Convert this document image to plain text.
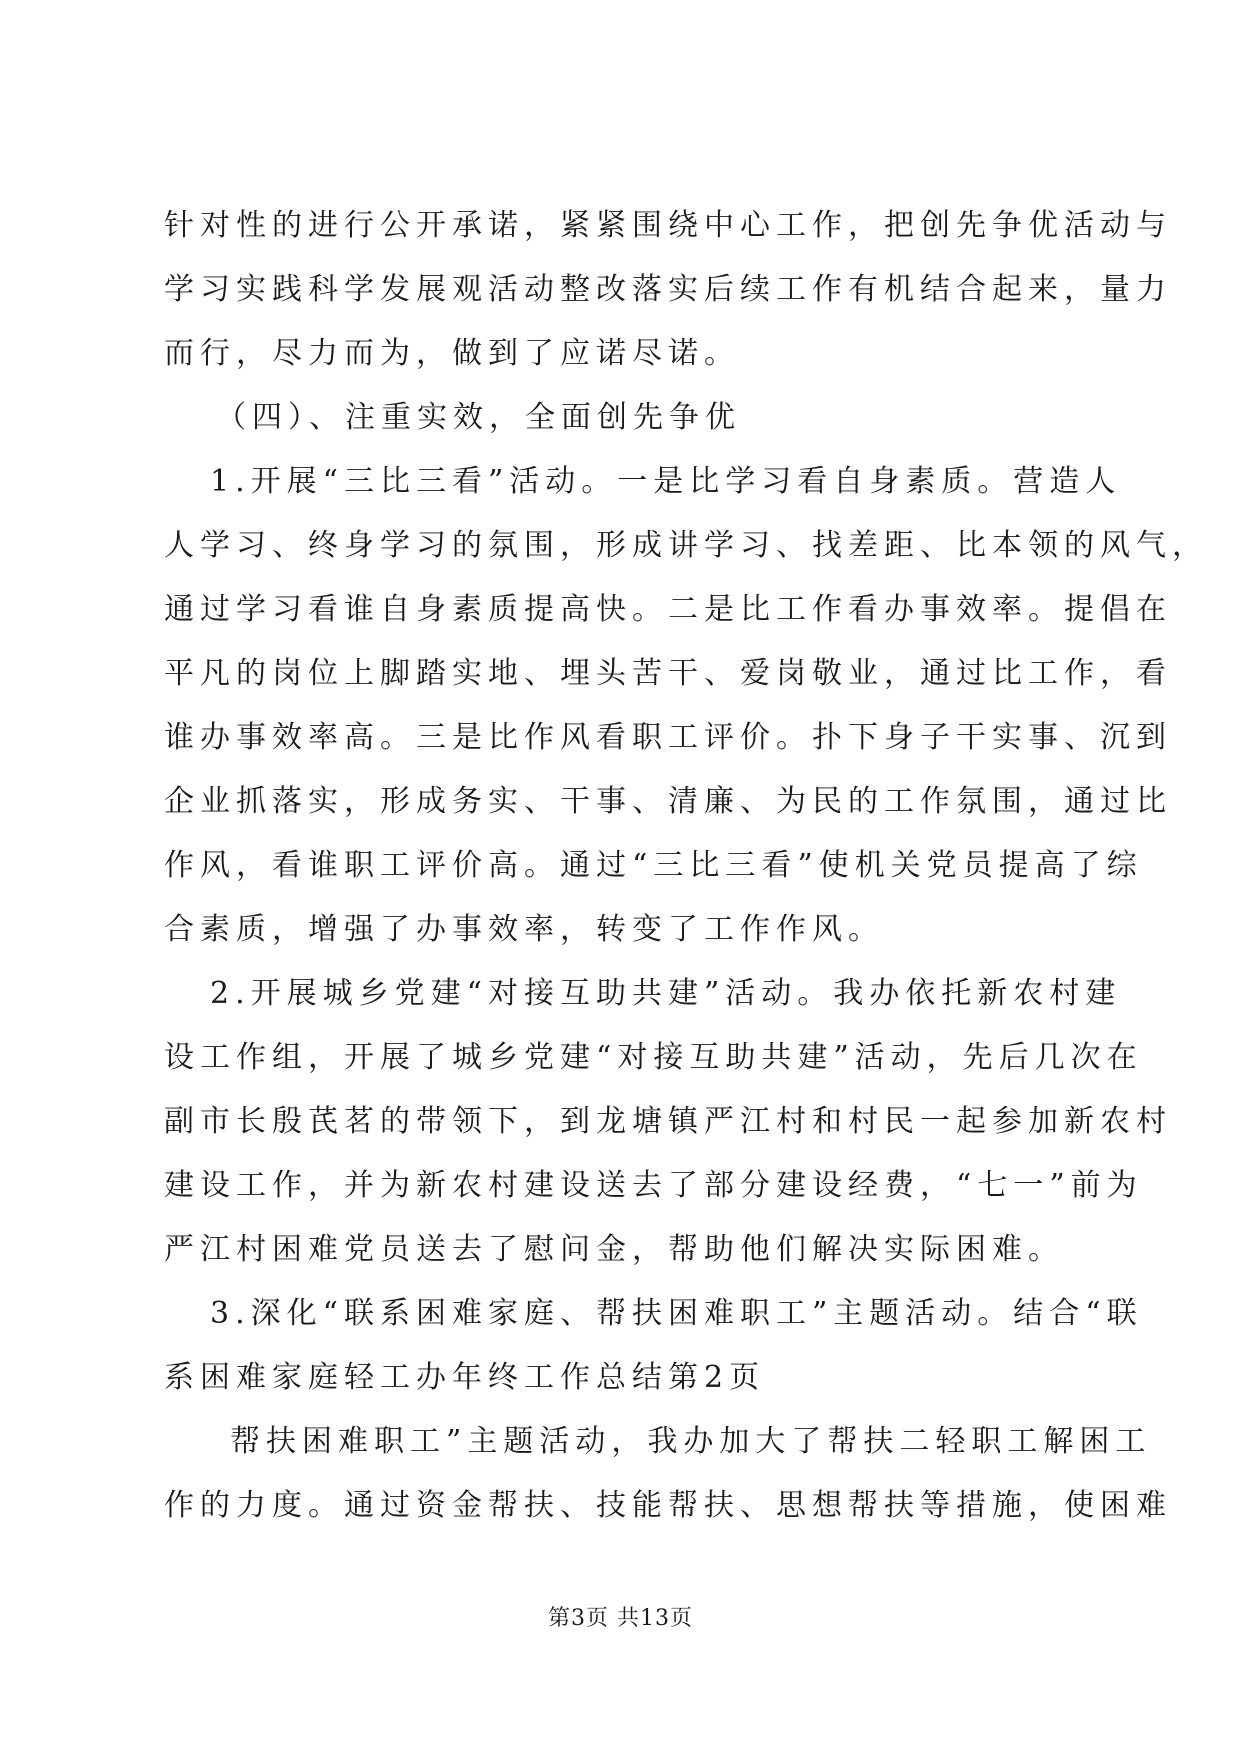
针对性的进行公开承诺，紧紧围绕中心工作，把创先争优活动与
学习实践科学发展观活动整改落实后续工作有机结合起来，量力
而行，尽力而为，做到了应诺尽诺。
（四）、注重实效，全面创先争优
1.开展“三比三看”活动。一是比学习看自身素质。营造人
人学习、终身学习的氛围，形成讲学习、找差距、比本领的风气，
通过学习看谁自身素质提高快。二是比工作看办事效率。提倡在
平凡的岗位上脚踏实地、埋头苦干、爱岗敬业，通过比工作，看
谁办事效率高。三是比作风看职工评价。扑下身子干实事、沉到
企业抓落实，形成务实、干事、清廉、为民的工作氛围，通过比
作风，看谁职工评价高。通过“三比三看”使机关党员提高了综
合素质，增强了办事效率，转变了工作作风。
2.开展城乡党建“对接互助共建”活动。我办依托新农村建
设工作组，开展了城乡党建“对接互助共建”活动，先后几次在
副市长殷芪茗的带领下，到龙塘镇严江村和村民一起参加新农村
建设工作，并为新农村建设送去了部分建设经费，“七一”前为
严江村困难党员送去了慰问金，帮助他们解决实际困难。
3.深化“联系困难家庭、帮扶困难职工”主题活动。结合“联
系困难家庭轻工办年终工作总结第2页
帮扶困难职工”主题活动，我办加大了帮扶二轻职工解困工
作的力度。通过资金帮扶、技能帮扶、思想帮扶等措施，使困难
第3页 共13页
